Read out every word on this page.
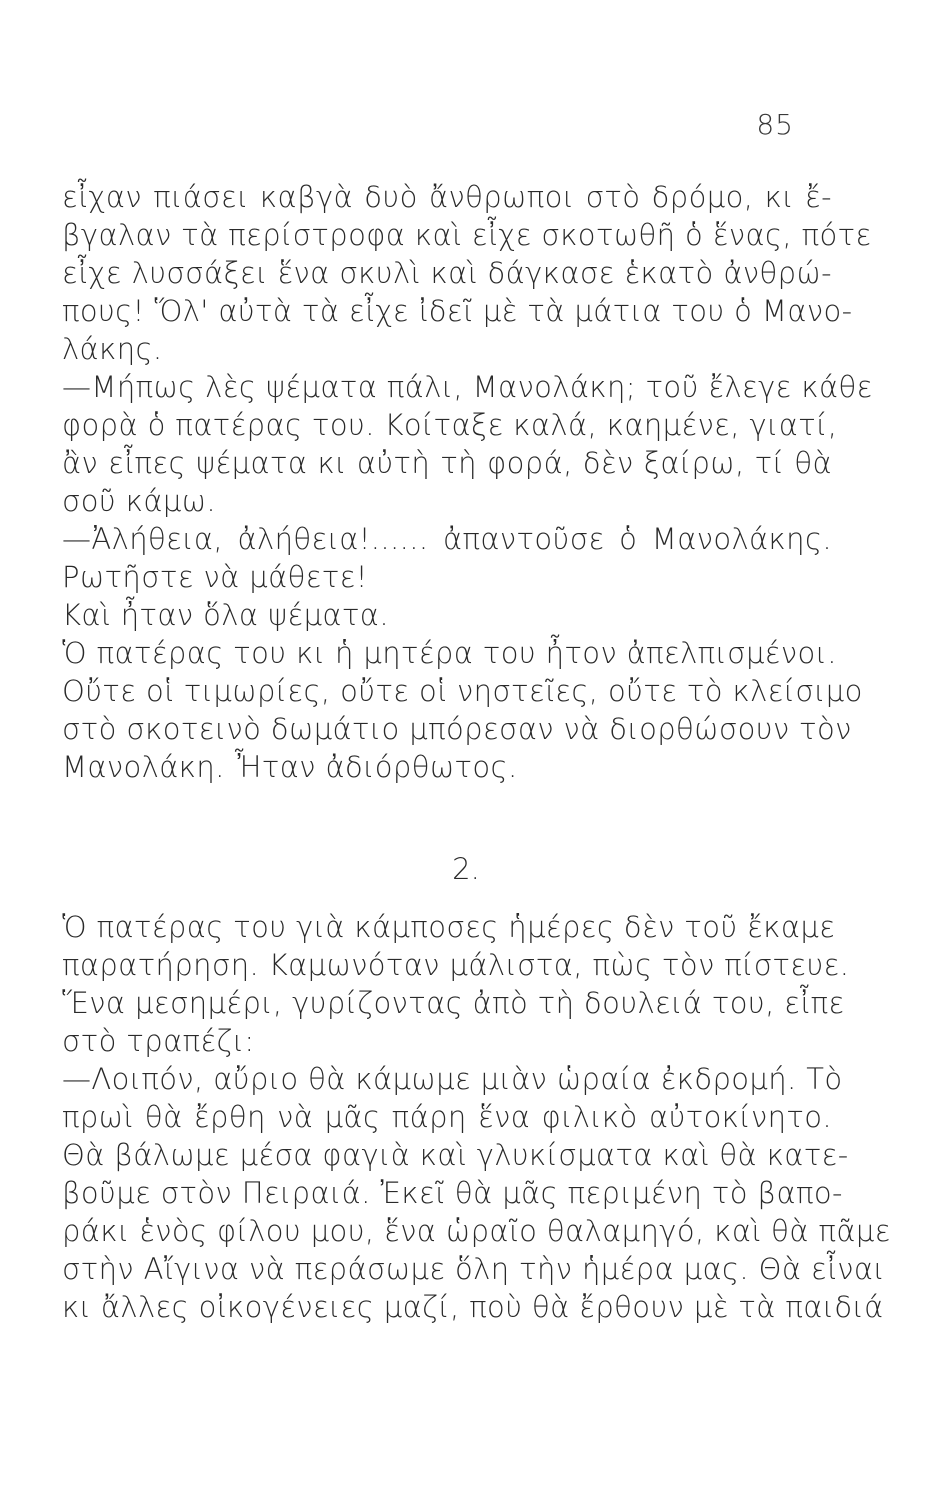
85
εἶχαν πιάσει καβγὰ δυὸ ἄνθρωποι στὸ δρόμο, κι ἔ-
βγαλαν τὰ περίστροφα καὶ εἶχε σκοτωθῆ ὁ ἕνας, πότε
εἶχε λυσσάξει ἕνα σκυλὶ καὶ δάγκασε ἑκατὸ ἀνθρώ-
πους! Ὅλ' αὐτὰ τὰ εἶχε ἰδεῖ μὲ τὰ μάτια του ὁ Μανο-
λάκης.
—Μήπως λὲς ψέματα πάλι, Μανολάκη; τοῦ ἔλεγε κάθε
φορὰ ὁ πατέρας του. Κοίταξε καλά, καημένε, γιατί,
ἂν εἶπες ψέματα κι αὐτὴ τὴ φορά, δὲν ξαίρω, τί θὰ
σοῦ κάμω.
—Ἀλήθεια, ἀλήθεια!...... ἀπαντοῦσε ὁ Μανολάκης.
Ρωτῆστε νὰ μάθετε!
Καὶ ἦταν ὅλα ψέματα.
Ὁ πατέρας του κι ἡ μητέρα του ἦτον ἀπελπισμένοι.
Οὔτε οἱ τιμωρίες, οὔτε οἱ νηστεῖες, οὔτε τὸ κλείσιμο
στὸ σκοτεινὸ δωμάτιο μπόρεσαν νὰ διορθώσουν τὸν
Μανολάκη. Ἦταν ἀδιόρθωτος.
2.
Ὁ πατέρας του γιὰ κάμποσες ἡμέρες δὲν τοῦ ἔκαμε
παρατήρηση. Καμωνόταν μάλιστα, πὼς τὸν πίστευε.
Ἕνα μεσημέρι, γυρίζοντας ἀπὸ τὴ δουλειά του, εἶπε
στὸ τραπέζι:
—Λοιπόν, αὔριο θὰ κάμωμε μιὰν ὡραία ἐκδρομή. Τὸ
πρωὶ θὰ ἔρθη νὰ μᾶς πάρη ἕνα φιλικὸ αὐτοκίνητο.
Θὰ βάλωμε μέσα φαγιὰ καὶ γλυκίσματα καὶ θὰ κατε-
βοῦμε στὸν Πειραιά. Ἐκεῖ θὰ μᾶς περιμένη τὸ βαπο-
ράκι ἑνὸς φίλου μου, ἕνα ὡραῖο θαλαμηγό, καὶ θὰ πᾶμε
στὴν Αἴγινα νὰ περάσωμε ὅλη τὴν ἡμέρα μας. Θὰ εἶναι
κι ἄλλες οἰκογένειες μαζί, ποὺ θὰ ἔρθουν μὲ τὰ παιδιά
